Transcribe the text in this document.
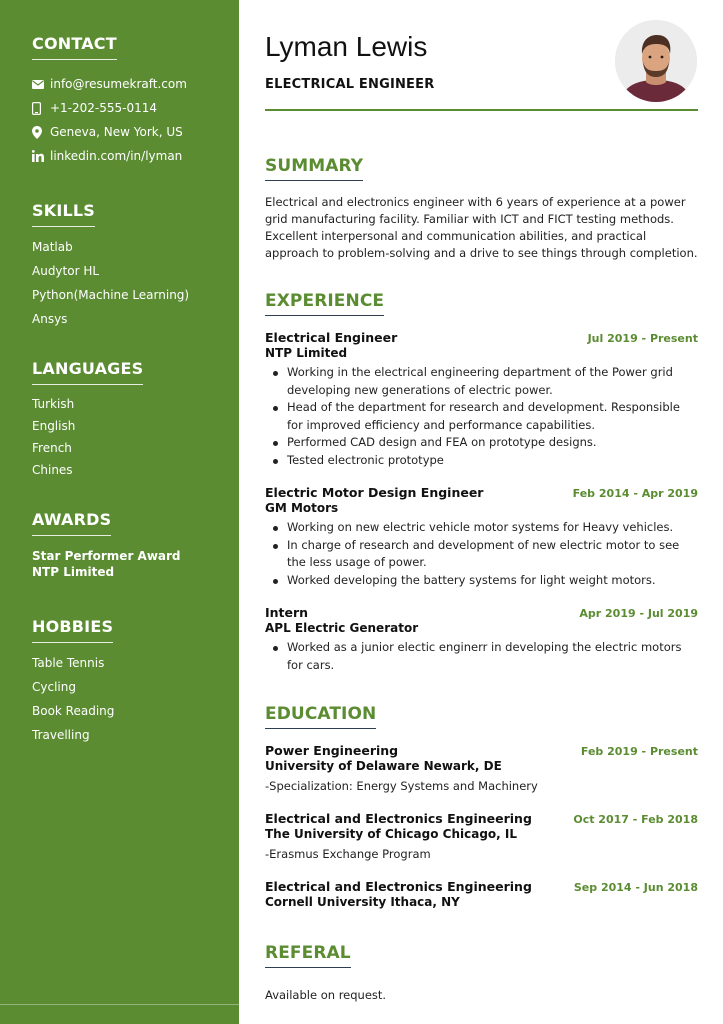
CONTACT
info@resumekraft.com
+1-202-555-0114
Geneva, New York, US
linkedin.com/in/lyman
SKILLS
Matlab
Audytor HL
Python(Machine Learning)
Ansys
LANGUAGES
Turkish
English
French
Chines
AWARDS
Star Performer Award
NTP Limited
HOBBIES
Table Tennis
Cycling
Book Reading
Travelling
Lyman Lewis
ELECTRICAL ENGINEER
SUMMARY
Electrical and electronics engineer with 6 years of experience at a power grid manufacturing facility. Familiar with ICT and FICT testing methods. Excellent interpersonal and communication abilities, and practical approach to problem-solving and a drive to see things through completion.
EXPERIENCE
Electrical Engineer	Jul 2019 - Present
NTP Limited
Working in the electrical engineering department of the Power grid developing new generations of electric power.
Head of the department for research and development. Responsible for improved efficiency and performance capabilities.
Performed CAD design and FEA on prototype designs.
Tested electronic prototype
Electric Motor Design Engineer	Feb 2014 - Apr 2019
GM Motors
Working on new electric vehicle motor systems for Heavy vehicles.
In charge of research and development of new electric motor to see the less usage of power.
Worked developing the battery systems for light weight motors.
Intern	Apr 2019 - Jul 2019
APL Electric Generator
Worked as a junior electic enginerr in developing the electric motors for cars.
EDUCATION
Power Engineering	Feb 2019 - Present
University of Delaware Newark, DE
-Specialization: Energy Systems and Machinery
Electrical and Electronics Engineering	Oct 2017 - Feb 2018
The University of Chicago Chicago, IL
-Erasmus Exchange Program
Electrical and Electronics Engineering	Sep 2014 - Jun 2018
Cornell University Ithaca, NY
REFERAL
Available on request.
